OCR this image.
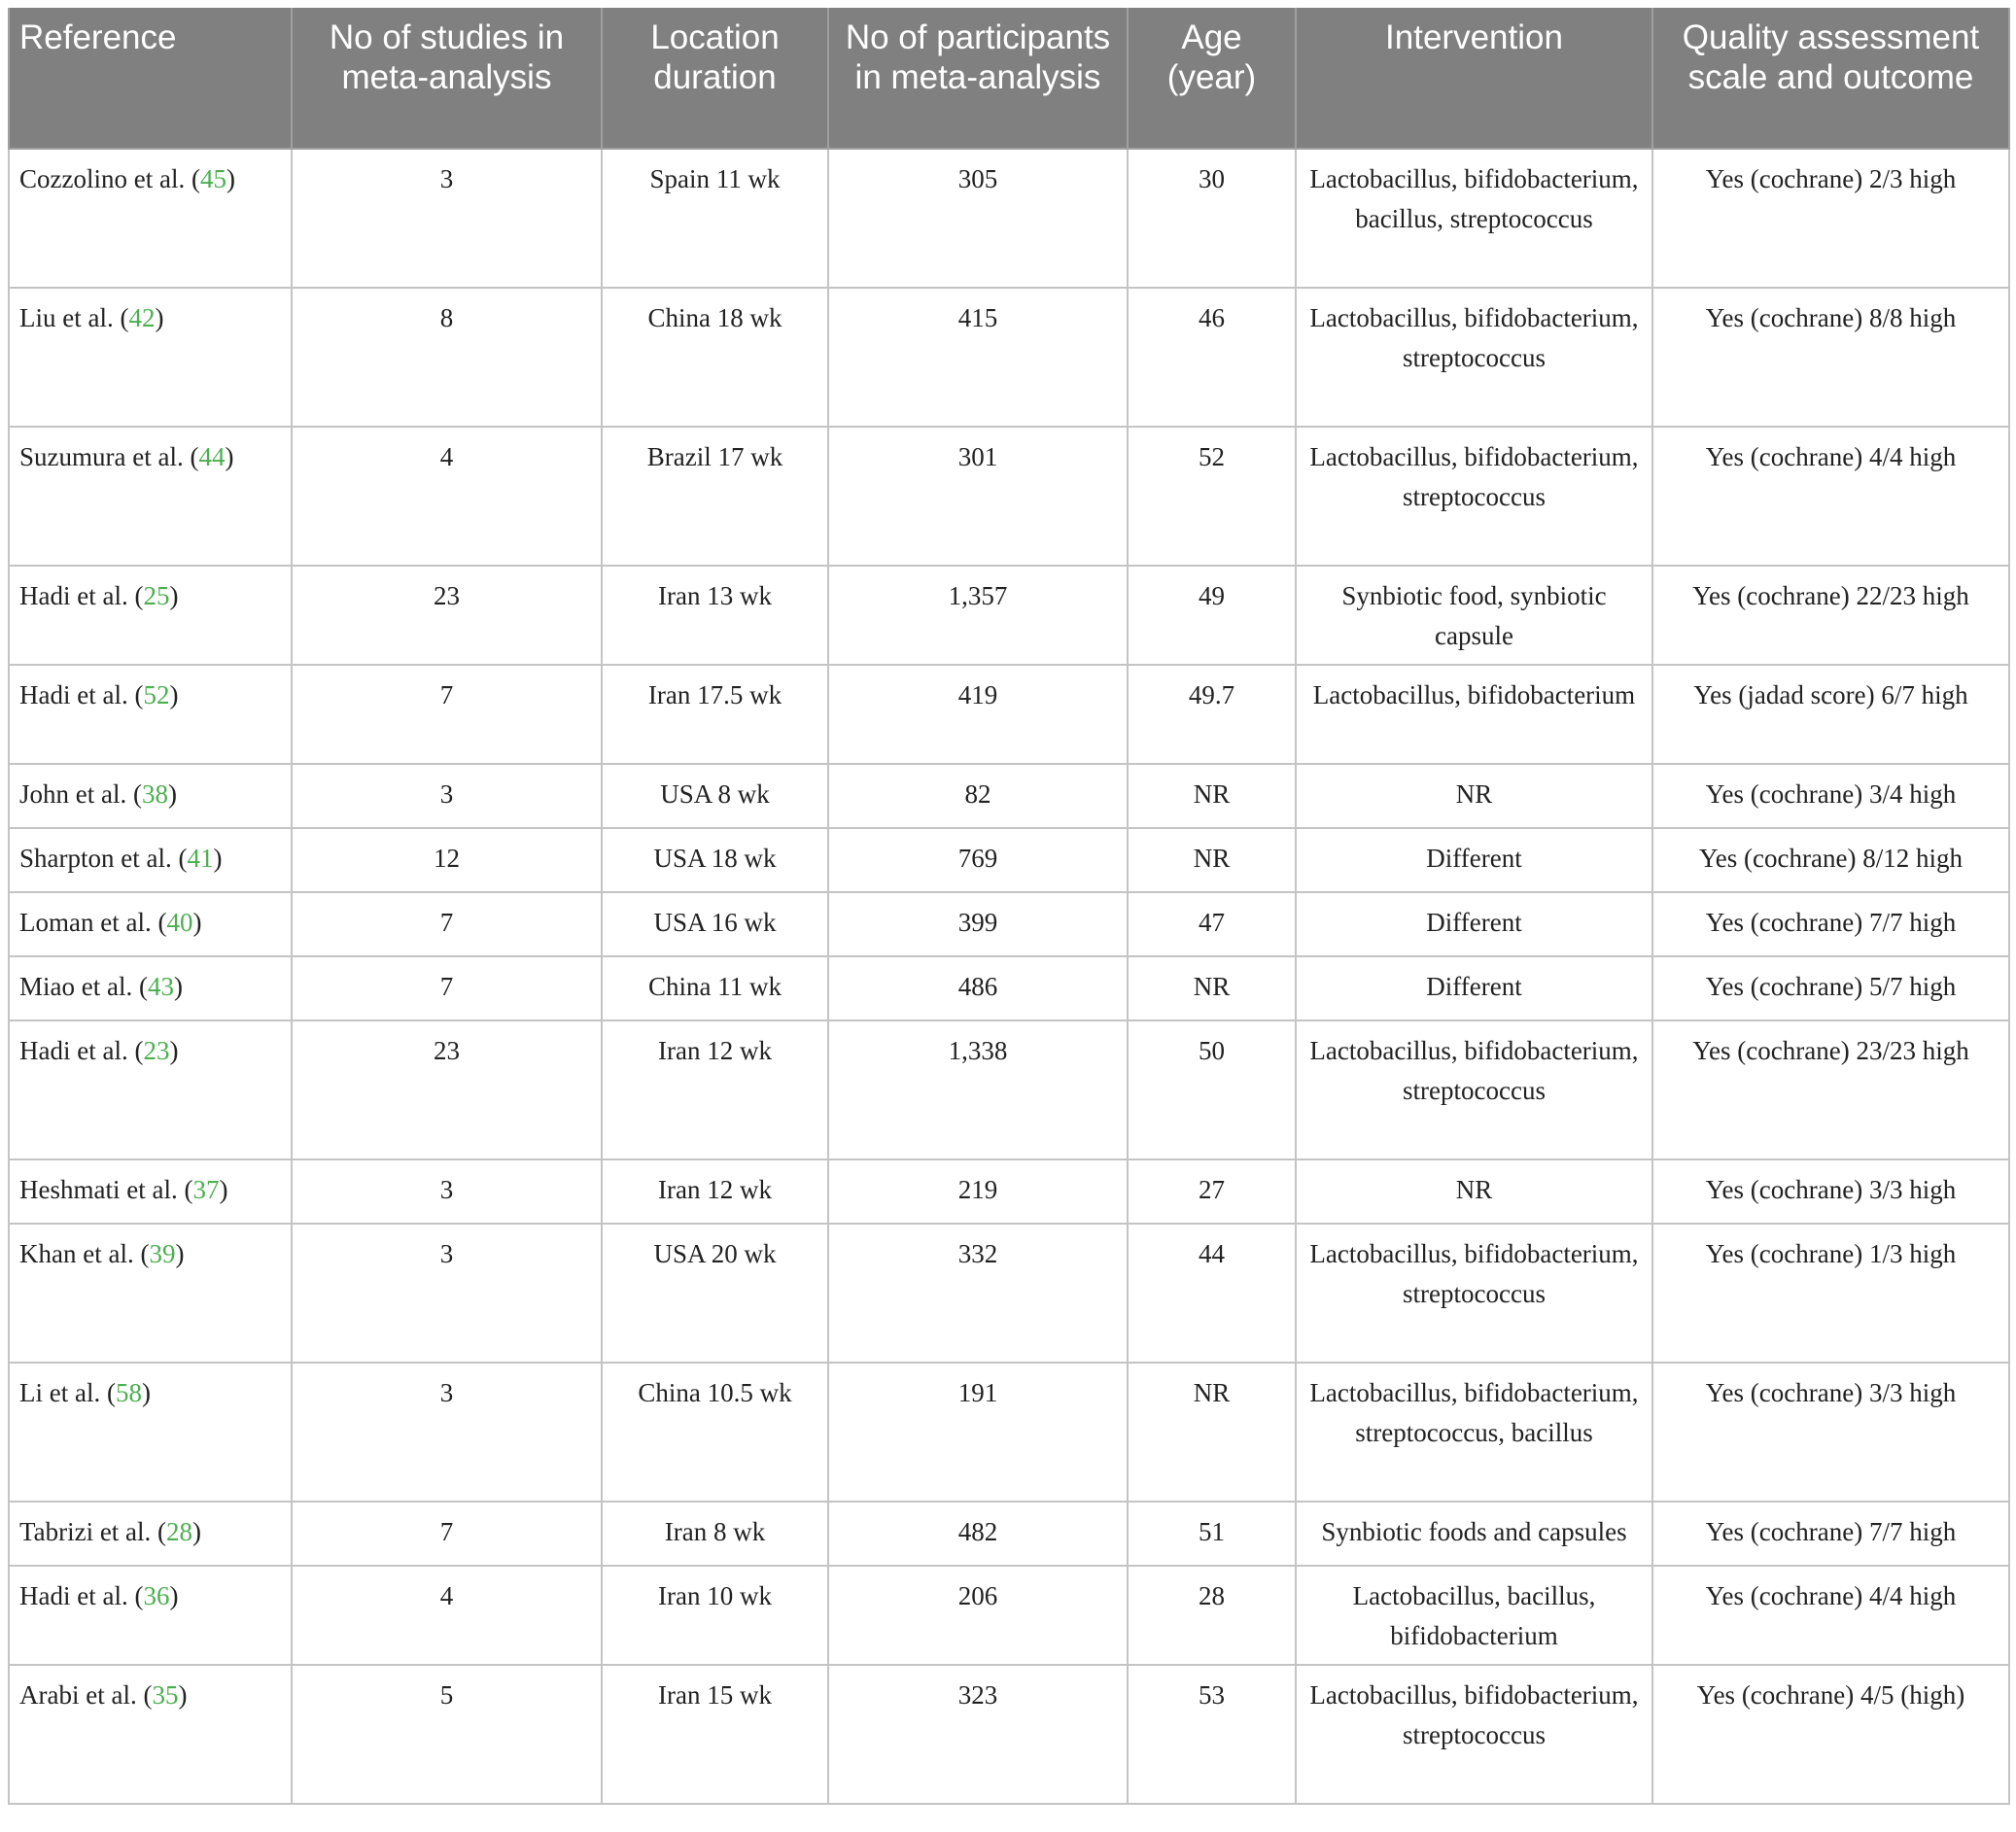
Reference	No of studies in meta-analysis	Location duration	No of participants in meta-analysis	Age (year)	Intervention	Quality assessment scale and outcome
Cozzolino et al. (45)	3	Spain 11 wk	305	30	Lactobacillus, bifidobacterium, bacillus, streptococcus	Yes (cochrane) 2/3 high
Liu et al. (42)	8	China 18 wk	415	46	Lactobacillus, bifidobacterium, streptococcus	Yes (cochrane) 8/8 high
Suzumura et al. (44)	4	Brazil 17 wk	301	52	Lactobacillus, bifidobacterium, streptococcus	Yes (cochrane) 4/4 high
Hadi et al. (25)	23	Iran 13 wk	1,357	49	Synbiotic food, synbiotic capsule	Yes (cochrane) 22/23 high
Hadi et al. (52)	7	Iran 17.5 wk	419	49.7	Lactobacillus, bifidobacterium	Yes (jadad score) 6/7 high
John et al. (38)	3	USA 8 wk	82	NR	NR	Yes (cochrane) 3/4 high
Sharpton et al. (41)	12	USA 18 wk	769	NR	Different	Yes (cochrane) 8/12 high
Loman et al. (40)	7	USA 16 wk	399	47	Different	Yes (cochrane) 7/7 high
Miao et al. (43)	7	China 11 wk	486	NR	Different	Yes (cochrane) 5/7 high
Hadi et al. (23)	23	Iran 12 wk	1,338	50	Lactobacillus, bifidobacterium, streptococcus	Yes (cochrane) 23/23 high
Heshmati et al. (37)	3	Iran 12 wk	219	27	NR	Yes (cochrane) 3/3 high
Khan et al. (39)	3	USA 20 wk	332	44	Lactobacillus, bifidobacterium, streptococcus	Yes (cochrane) 1/3 high
Li et al. (58)	3	China 10.5 wk	191	NR	Lactobacillus, bifidobacterium, streptococcus, bacillus	Yes (cochrane) 3/3 high
Tabrizi et al. (28)	7	Iran 8 wk	482	51	Synbiotic foods and capsules	Yes (cochrane) 7/7 high
Hadi et al. (36)	4	Iran 10 wk	206	28	Lactobacillus, bacillus, bifidobacterium	Yes (cochrane) 4/4 high
Arabi et al. (35)	5	Iran 15 wk	323	53	Lactobacillus, bifidobacterium, streptococcus	Yes (cochrane) 4/5 (high)
